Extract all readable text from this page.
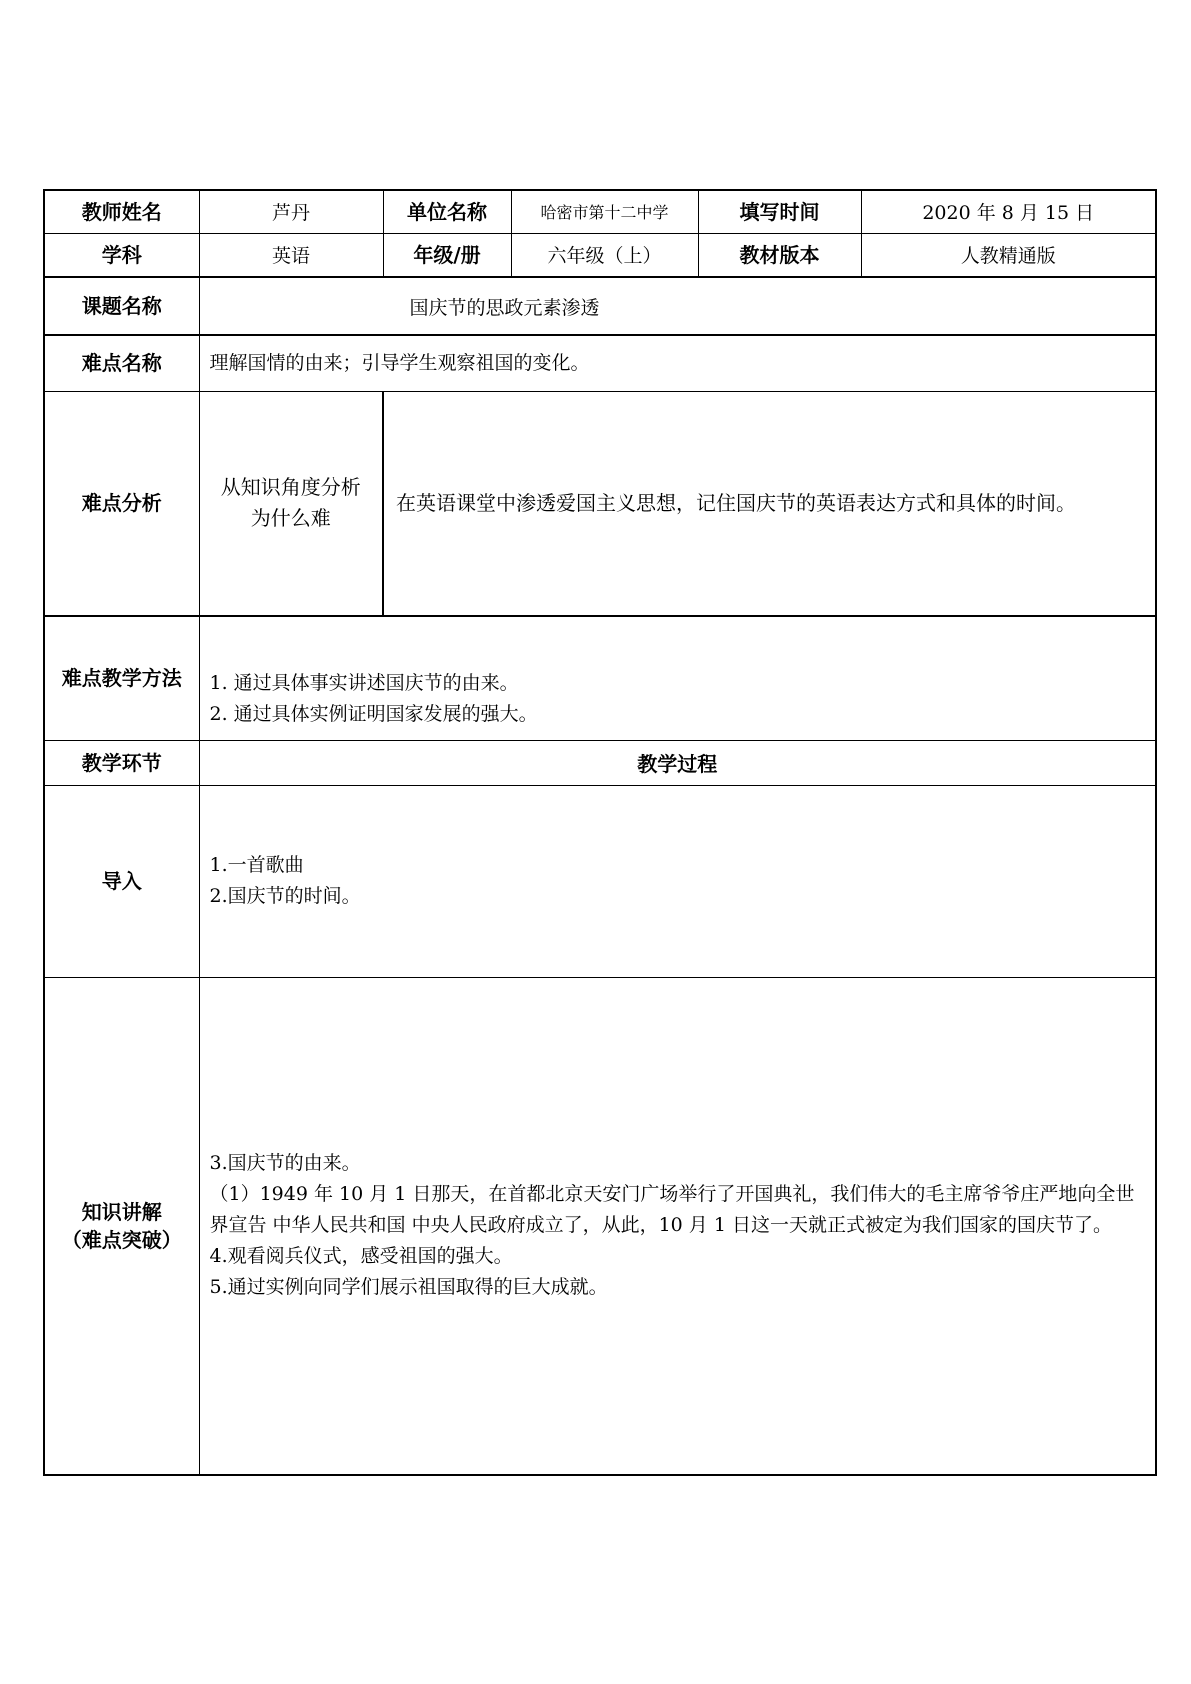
教师姓名	芦丹	单位名称	哈密市第十二中学	填写时间	2020 年 8 月 15 日
学科	英语	年级/册	六年级（上）	教材版本	人教精通版
课题名称	国庆节的思政元素渗透				
难点名称	理解国情的由来；引导学生观察祖国的变化。				
难点分析	从知识角度分析为什么难	在英语课堂中渗透爱国主义思想，记住国庆节的英语表达方式和具体的时间。			
难点教学方法	1. 通过具体事实讲述国庆节的由来。
2. 通过具体实例证明国家发展的强大。				

教学环节	教学过程				
导入	1.一首歌曲
2.国庆节的时间。				

知识讲解
（难点突破）	3.国庆节的由来。
（1）1949 年 10 月 1 日那天，在首都北京天安门广场举行了开国典礼，我们伟大的毛主席爷爷庄严地向全世界宣告 中华人民共和国 中央人民政府成立了，从此，10 月 1 日这一天就正式被定为我们国家的国庆节了。
4.观看阅兵仪式，感受祖国的强大。
5.通过实例向同学们展示祖国取得的巨大成就。				
